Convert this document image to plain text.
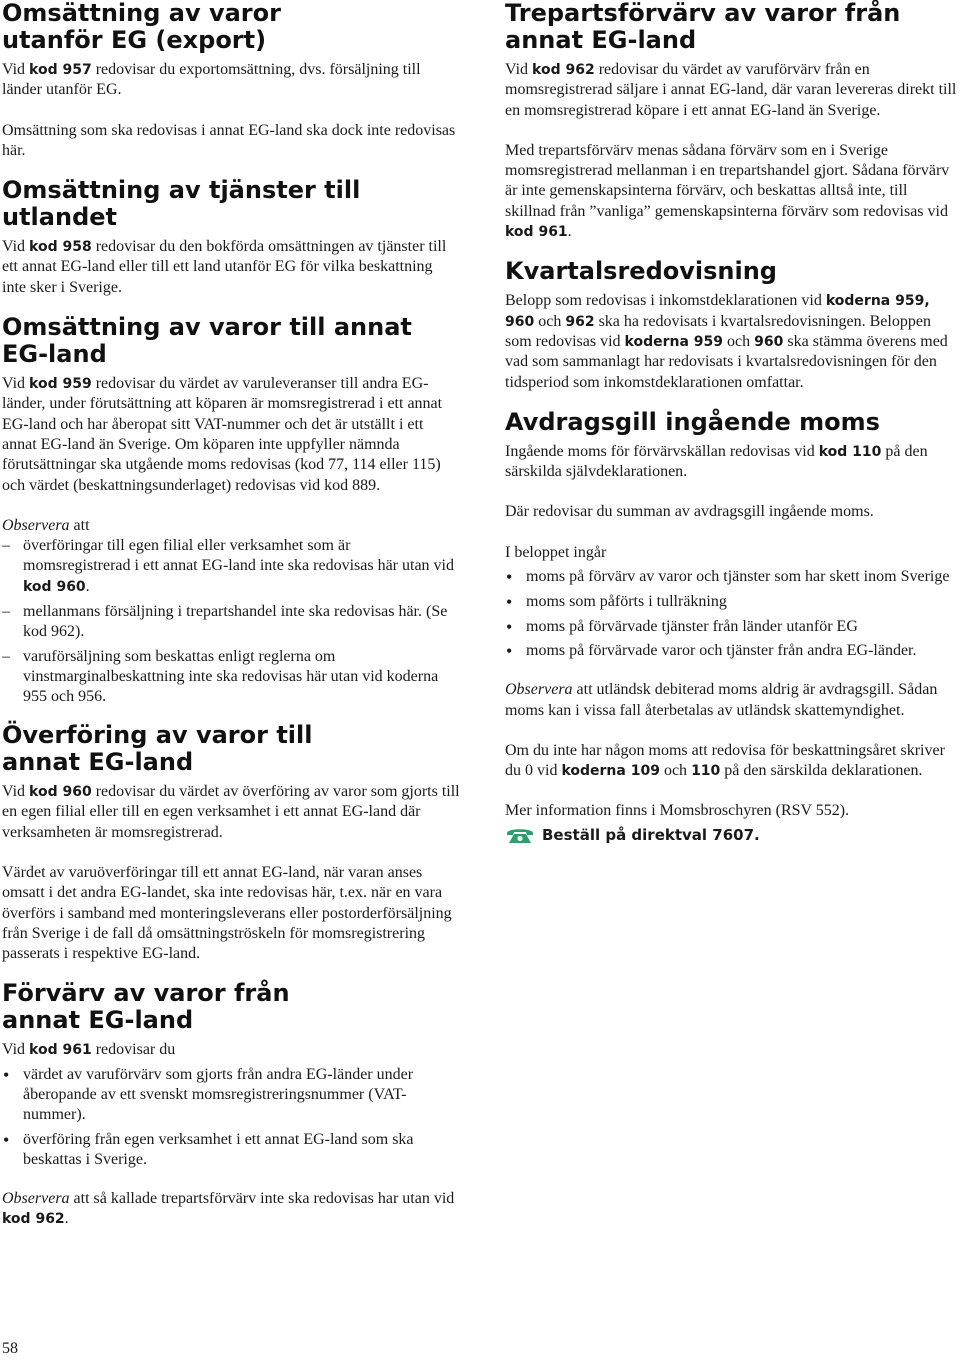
Omsättning av varor
utanför EG (export)

Vid kod 957 redovisar du exportomsättning, dvs. försäljning till länder utanför EG.

Omsättning som ska redovisas i annat EG-land ska dock inte redovisas här.

Omsättning av tjänster till
utlandet

Vid kod 958 redovisar du den bokförda omsättningen av tjänster till ett annat EG-land eller till ett land utanför EG för vilka beskattning inte sker i Sverige.

Omsättning av varor till annat
EG-land

Vid kod 959 redovisar du värdet av varuleveranser till andra EG-länder, under förutsättning att köparen är momsregistrerad i ett annat EG-land och har åberopat sitt VAT-nummer och det är utställt i ett annat EG-land än Sverige. Om köparen inte uppfyller nämnda förutsättningar ska utgående moms redovisas (kod 77, 114 eller 115) och värdet (beskattningsunderlaget) redovisas vid kod 889.

Observera att

– överföringar till egen filial eller verksamhet som är momsregistrerad i ett annat EG-land inte ska redovisas här utan vid kod 960.
– mellanmans försäljning i trepartshandel inte ska redovisas här. (Se kod 962).
– varuförsäljning som beskattas enligt reglerna om vinstmarginalbeskattning inte ska redovisas här utan vid koderna 955 och 956.
Överföring av varor till
annat EG-land

Vid kod 960 redovisar du värdet av överföring av varor som gjorts till en egen filial eller till en egen verksamhet i ett annat EG-land där verksamheten är momsregistrerad.

Värdet av varuöverföringar till ett annat EG-land, när varan anses omsatt i det andra EG-landet, ska inte redovisas här, t.ex. när en vara överförs i samband med monteringsleverans eller postorderförsäljning från Sverige i de fall då omsättningströskeln för momsregistrering passerats i respektive EG-land.

Förvärv av varor från
annat EG-land

Vid kod 961 redovisar du

• värdet av varuförvärv som gjorts från andra EG-länder under åberopande av ett svenskt momsregistreringsnummer (VAT-nummer).
• överföring från egen verksamhet i ett annat EG-land som ska beskattas i Sverige.

Observera att så kallade trepartsförvärv inte ska redovisas har utan vid kod 962.

Trepartsförvärv av varor från
annat EG-land

Vid kod 962 redovisar du värdet av varuförvärv från en momsregistrerad säljare i annat EG-land, där varan levereras direkt till en momsregistrerad köpare i ett annat EG-land än Sverige.

Med trepartsförvärv menas sådana förvärv som en i Sverige momsregistrerad mellanman i en trepartshandel gjort. Sådana förvärv är inte gemenskapsinterna förvärv, och beskattas alltså inte, till skillnad från ”vanliga” gemenskapsinterna förvärv som redovisas vid kod 961.

Kvartalsredovisning

Belopp som redovisas i inkomstdeklarationen vid koderna 959, 960 och 962 ska ha redovisats i kvartalsredovisningen. Beloppen som redovisas vid koderna 959 och 960 ska stämma överens med vad som sammanlagt har redovisats i kvartalsredovisningen för den tidsperiod som inkomstdeklarationen omfattar.

Avdragsgill ingående moms

Ingående moms för förvärvskällan redovisas vid kod 110 på den särskilda självdeklarationen.

Där redovisar du summan av avdragsgill ingående moms.

I beloppet ingår

• moms på förvärv av varor och tjänster som har skett inom Sverige
• moms som påförts i tullräkning
• moms på förvärvade tjänster från länder utanför EG
• moms på förvärvade varor och tjänster från andra EG-länder.

Observera att utländsk debiterad moms aldrig är avdragsgill. Sådan moms kan i vissa fall återbetalas av utländsk skattemyndighet.

Om du inte har någon moms att redovisa för beskattningsåret skriver du 0 vid koderna 109 och 110 på den särskilda deklarationen.

Mer information finns i Momsbroschyren (RSV 552).

Beställ på direktval 7607.
58
